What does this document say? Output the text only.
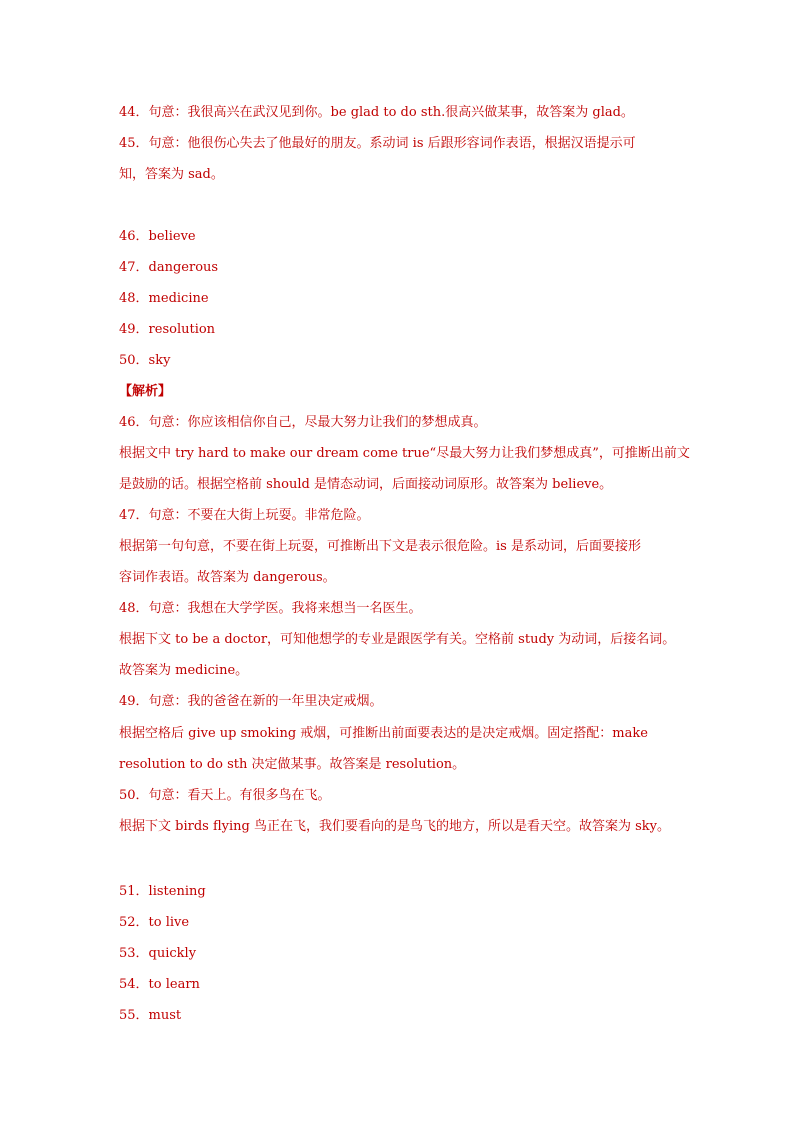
44．句意：我很高兴在武汉见到你。be glad to do sth.很高兴做某事，故答案为 glad。
45．句意：他很伤心失去了他最好的朋友。系动词 is 后跟形容词作表语，根据汉语提示可
知，答案为 sad。
46．believe
47．dangerous
48．medicine
49．resolution
50．sky
【解析】
46．句意：你应该相信你自己，尽最大努力让我们的梦想成真。
根据文中 try hard to make our dream come true“尽最大努力让我们梦想成真”，可推断出前文
是鼓励的话。根据空格前 should 是情态动词，后面接动词原形。故答案为 believe。
47．句意：不要在大街上玩耍。非常危险。
根据第一句句意，不要在街上玩耍，可推断出下文是表示很危险。is 是系动词，后面要接形
容词作表语。故答案为 dangerous。
48．句意：我想在大学学医。我将来想当一名医生。
根据下文 to be a doctor，可知他想学的专业是跟医学有关。空格前 study 为动词，后接名词。
故答案为 medicine。
49．句意：我的爸爸在新的一年里决定戒烟。
根据空格后 give up smoking 戒烟，可推断出前面要表达的是决定戒烟。固定搭配：make
resolution to do sth 决定做某事。故答案是 resolution。
50．句意：看天上。有很多鸟在飞。
根据下文 birds flying 鸟正在飞，我们要看向的是鸟飞的地方，所以是看天空。故答案为 sky。
51．listening
52．to live
53．quickly
54．to learn
55．must
